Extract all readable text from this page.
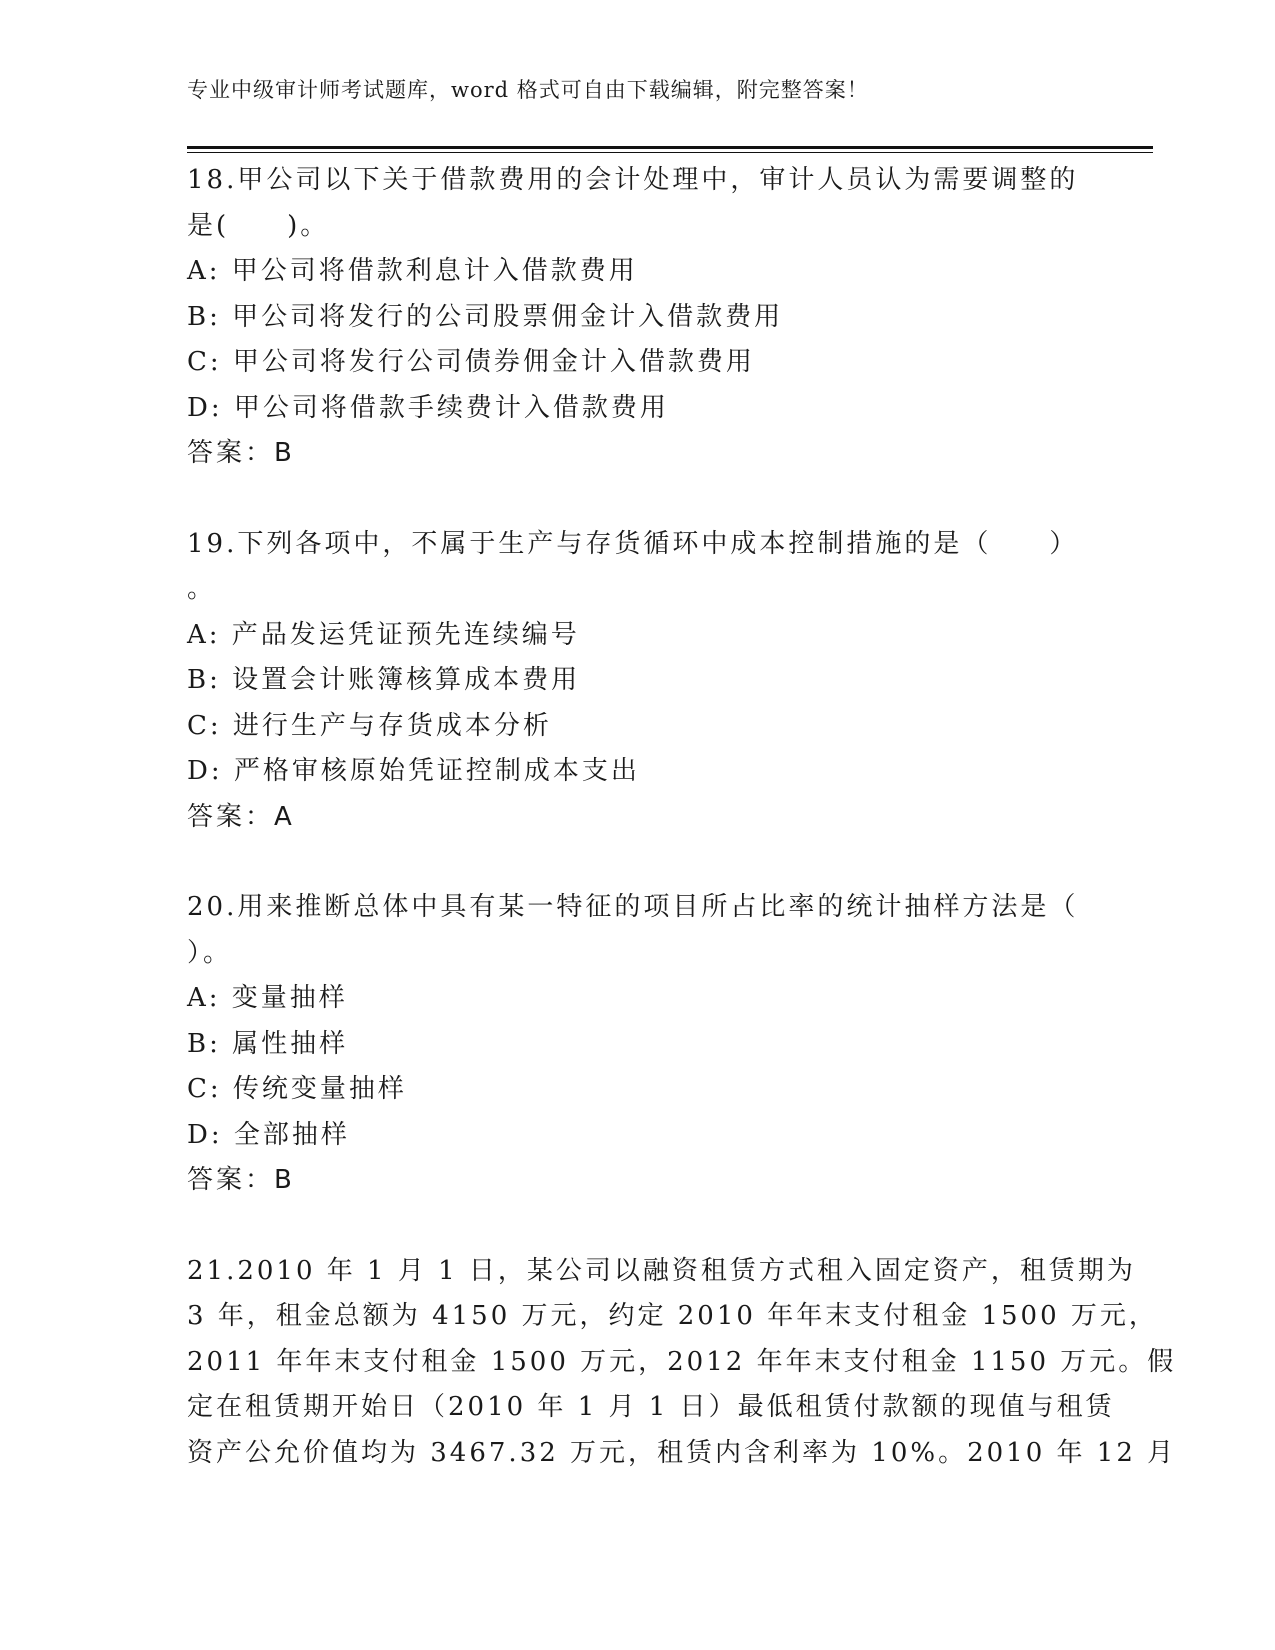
专业中级审计师考试题库，word 格式可自由下载编辑，附完整答案！
18.甲公司以下关于借款费用的会计处理中，审计人员认为需要调整的
是(　　)。
A: 甲公司将借款利息计入借款费用
B: 甲公司将发行的公司股票佣金计入借款费用
C: 甲公司将发行公司债券佣金计入借款费用
D: 甲公司将借款手续费计入借款费用
答案：B
19.下列各项中，不属于生产与存货循环中成本控制措施的是（　　）
。
A: 产品发运凭证预先连续编号
B: 设置会计账簿核算成本费用
C: 进行生产与存货成本分析
D: 严格审核原始凭证控制成本支出
答案：A
20.用来推断总体中具有某一特征的项目所占比率的统计抽样方法是（
）。
A: 变量抽样
B: 属性抽样
C: 传统变量抽样
D: 全部抽样
答案：B
21.2010 年 1 月 1 日，某公司以融资租赁方式租入固定资产，租赁期为
3 年，租金总额为 4150 万元，约定 2010 年年末支付租金 1500 万元，
2011 年年末支付租金 1500 万元，2012 年年末支付租金 1150 万元。假
定在租赁期开始日（2010 年 1 月 1 日）最低租赁付款额的现值与租赁
资产公允价值均为 3467.32 万元，租赁内含利率为 10%。2010 年 12 月
